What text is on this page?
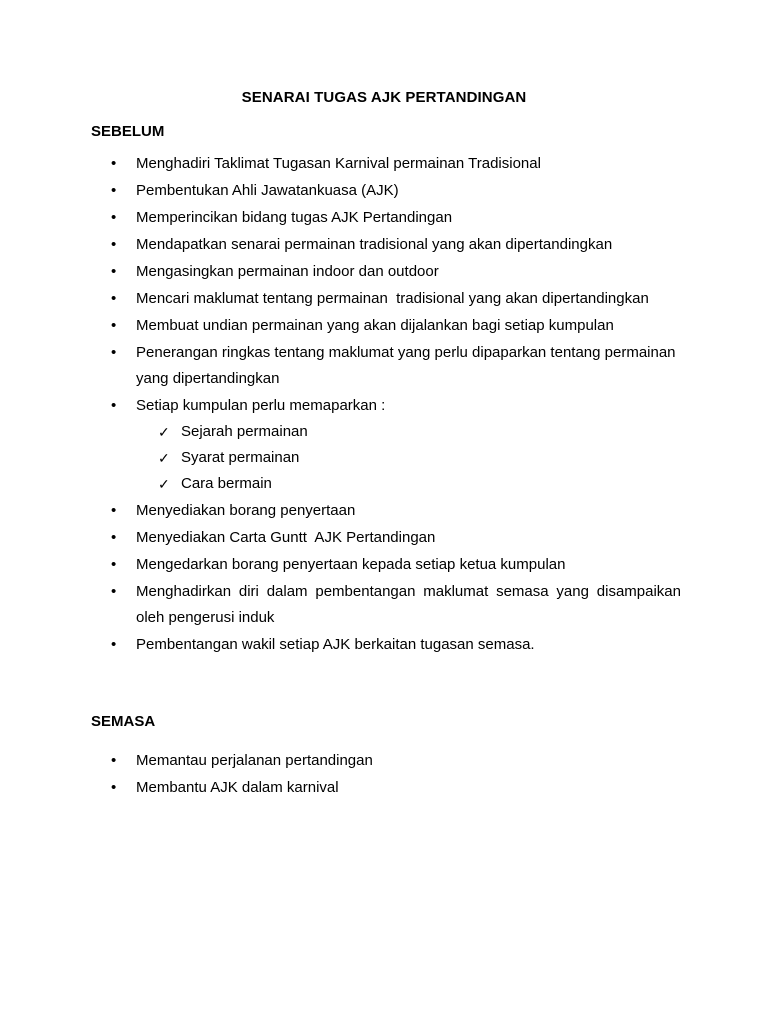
SENARAI TUGAS AJK PERTANDINGAN
SEBELUM
• Menghadiri Taklimat Tugasan Karnival permainan Tradisional
• Pembentukan Ahli Jawatankuasa (AJK)
• Memperincikan bidang tugas AJK Pertandingan
• Mendapatkan senarai permainan tradisional yang akan dipertandingkan
• Mengasingkan permainan indoor dan outdoor
• Mencari maklumat tentang permainan  tradisional yang akan dipertandingkan
• Membuat undian permainan yang akan dijalankan bagi setiap kumpulan
• Penerangan ringkas tentang maklumat yang perlu dipaparkan tentang permainan yang dipertandingkan
• Setiap kumpulan perlu memaparkan :
✓ Sejarah permainan
✓ Syarat permainan
✓ Cara bermain
• Menyediakan borang penyertaan
• Menyediakan Carta Guntt  AJK Pertandingan
• Mengedarkan borang penyertaan kepada setiap ketua kumpulan
• Menghadirkan diri dalam pembentangan maklumat semasa yang disampaikan oleh pengerusi induk
• Pembentangan wakil setiap AJK berkaitan tugasan semasa.
SEMASA
• Memantau perjalanan pertandingan
• Membantu AJK dalam karnival
